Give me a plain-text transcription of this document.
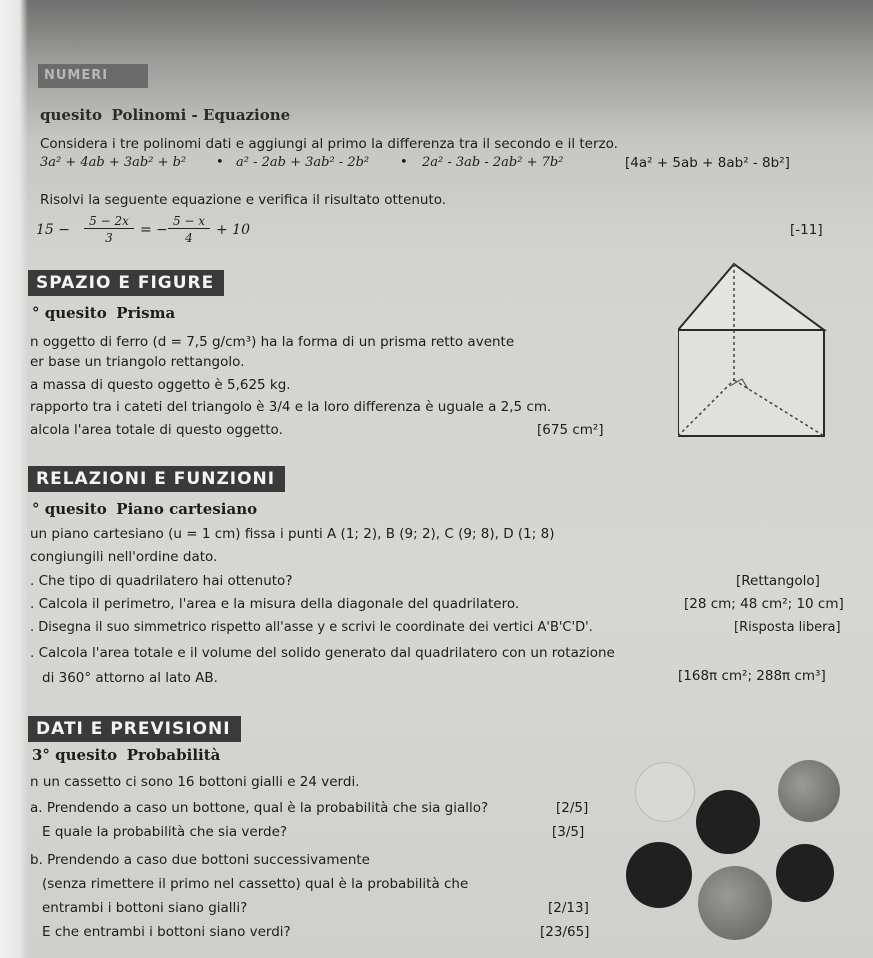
...
NUMERI
quesito Polinomi - Equazione
Considera i tre polinomi dati e aggiungi al primo la differenza tra il secondo e il terzo.
3a² + 4ab + 3ab² + b² • a² - 2ab + 3ab² - 2b² • 2a² - 3ab - 2ab² + 7b²	[4a² + 5ab + 8ab² - 8b²]
Risolvi la seguente equazione e verifica il risultato ottenuto.
15 −
5 − 2x
3	= −
5 − x
4	+ 10	[-11]
SPAZIO E FIGURE
° quesito Prisma
n oggetto di ferro (d = 7,5 g/cm³) ha la forma di un prisma retto avente
er base un triangolo rettangolo.
a massa di questo oggetto è 5,625 kg.
rapporto tra i cateti del triangolo è 3/4 e la loro differenza è uguale a 2,5 cm.
alcola l'area totale di questo oggetto.	[675 cm²]
RELAZIONI E FUNZIONI
° quesito Piano cartesiano
un piano cartesiano (u = 1 cm) fissa i punti A (1; 2), B (9; 2), C (9; 8), D (1; 8)
congiungili nell'ordine dato.
. Che tipo di quadrilatero hai ottenuto?	[Rettangolo]
. Calcola il perimetro, l'area e la misura della diagonale del quadrilatero.	[28 cm; 48 cm²; 10 cm]
. Disegna il suo simmetrico rispetto all'asse y e scrivi le coordinate dei vertici A'B'C'D'.	[Risposta libera]
. Calcola l'area totale e il volume del solido generato dal quadrilatero con un rotazione
di 360° attorno al lato AB.	[168π cm²; 288π cm³]
DATI E PREVISIONI
3° quesito Probabilità
n un cassetto ci sono 16 bottoni gialli e 24 verdi.
a. Prendendo a caso un bottone, qual è la probabilità che sia giallo?	[2/5]
E quale la probabilità che sia verde?	[3/5]
b. Prendendo a caso due bottoni successivamente
(senza rimettere il primo nel cassetto) qual è la probabilità che
entrambi i bottoni siano gialli?	[2/13]
E che entrambi i bottoni siano verdi?	[23/65]
